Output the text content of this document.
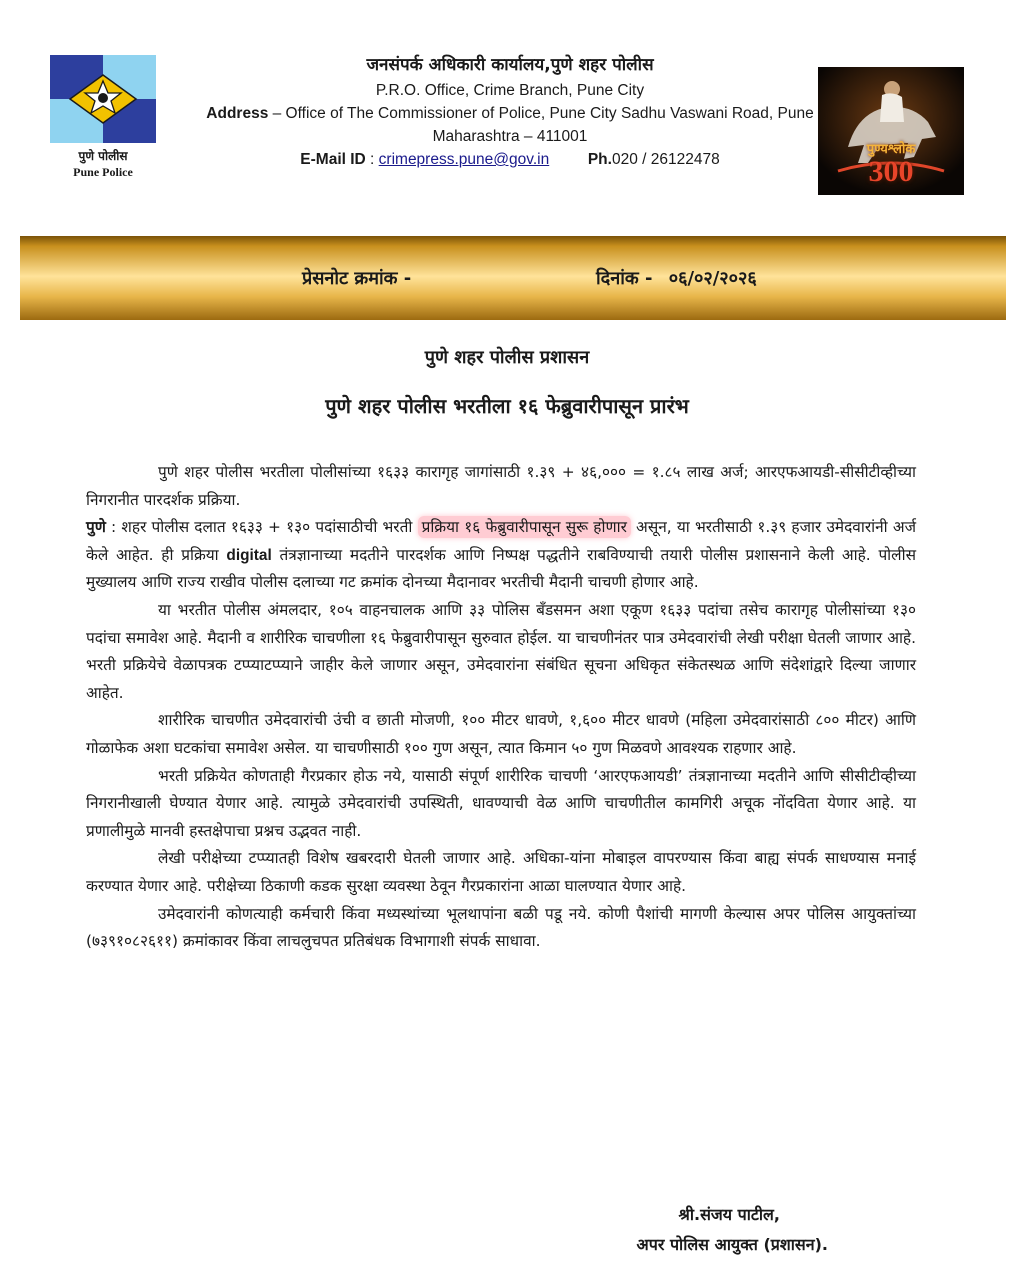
पुणे पोलीस
Pune Police
पुण्यश्लोक
300
जनसंपर्क अधिकारी कार्यालय,पुणे शहर पोलीस
P.R.O. Office, Crime Branch, Pune City
Address – Office of The Commissioner of Police, Pune City Sadhu Vaswani Road, Pune
Maharashtra – 411001
E-Mail ID : crimepress.pune@gov.in Ph.020 / 26122478
प्रेसनोट क्रमांक -	दिनांक - ०६/०२/२०२६
पुणे शहर पोलीस प्रशासन
पुणे शहर पोलीस भरतीला १६ फेब्रुवारीपासून प्रारंभ

पुणे शहर पोलीस भरतीला पोलीसांच्या १६३३ कारागृह जागांसाठी १.३९ + ४६,००० = १.८५ लाख अर्ज; आरएफआयडी-सीसीटीव्हीच्या निगरानीत पारदर्शक प्रक्रिया.

पुणे : शहर पोलीस दलात १६३३ + १३० पदांसाठीची भरती प्रक्रिया १६ फेब्रुवारीपासून सुरू होणार असून, या भरतीसाठी १.३९ हजार उमेदवारांनी अर्ज केले आहेत. ही प्रक्रिया digital तंत्रज्ञानाच्या मदतीने पारदर्शक आणि निष्पक्ष पद्धतीने राबविण्याची तयारी पोलीस प्रशासनाने केली आहे. पोलीस मुख्यालय आणि राज्य राखीव पोलीस दलाच्या गट क्रमांक दोनच्या मैदानावर भरतीची मैदानी चाचणी होणार आहे.

या भरतीत पोलीस अंमलदार, १०५ वाहनचालक आणि ३३ पोलिस बॅंडसमन अशा एकूण १६३३ पदांचा तसेच कारागृह पोलीसांच्या १३० पदांचा समावेश आहे. मैदानी व शारीरिक चाचणीला १६ फेब्रुवारीपासून सुरुवात होईल. या चाचणीनंतर पात्र उमेदवारांची लेखी परीक्षा घेतली जाणार आहे. भरती प्रक्रियेचे वेळापत्रक टप्प्याटप्प्याने जाहीर केले जाणार असून, उमेदवारांना संबंधित सूचना अधिकृत संकेतस्थळ आणि संदेशांद्वारे दिल्या जाणार आहेत.

शारीरिक चाचणीत उमेदवारांची उंची व छाती मोजणी, १०० मीटर धावणे, १,६०० मीटर धावणे (महिला उमेदवारांसाठी ८०० मीटर) आणि गोळाफेक अशा घटकांचा समावेश असेल. या चाचणीसाठी १०० गुण असून, त्यात किमान ५० गुण मिळवणे आवश्यक राहणार आहे.

भरती प्रक्रियेत कोणताही गैरप्रकार होऊ नये, यासाठी संपूर्ण शारीरिक चाचणी ‘आरएफआयडी’ तंत्रज्ञानाच्या मदतीने आणि सीसीटीव्हीच्या निगरानीखाली घेण्यात येणार आहे. त्यामुळे उमेदवारांची उपस्थिती, धावण्याची वेळ आणि चाचणीतील कामगिरी अचूक नोंदविता येणार आहे. या प्रणालीमुळे मानवी हस्तक्षेपाचा प्रश्नच उद्भवत नाही.

लेखी परीक्षेच्या टप्प्यातही विशेष खबरदारी घेतली जाणार आहे. अधिका-यांना मोबाइल वापरण्यास किंवा बाह्य संपर्क साधण्यास मनाई करण्यात येणार आहे. परीक्षेच्या ठिकाणी कडक सुरक्षा व्यवस्था ठेवून गैरप्रकारांना आळा घालण्यात येणार आहे.

उमेदवारांनी कोणत्याही कर्मचारी किंवा मध्यस्थांच्या भूलथापांना बळी पडू नये. कोणी पैशांची मागणी केल्यास अपर पोलिस आयुक्तांच्या (७३९१०८२६११) क्रमांकावर किंवा लाचलुचपत प्रतिबंधक विभागाशी संपर्क साधावा.

श्री.संजय पाटील,
अपर पोलिस आयुक्त (प्रशासन).
